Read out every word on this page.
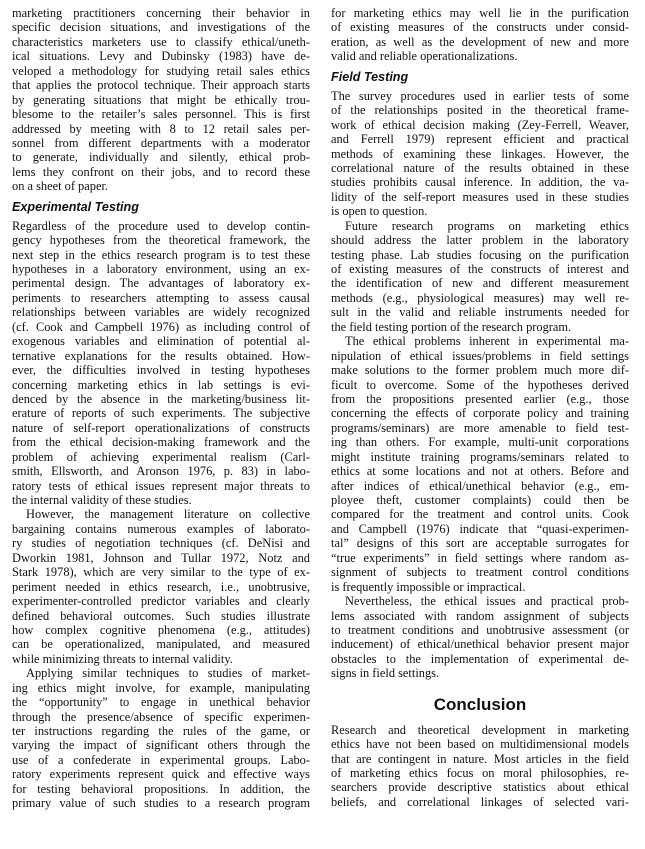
marketing practitioners concerning their behavior in
specific decision situations, and investigations of the
characteristics marketers use to classify ethical/uneth-
ical situations. Levy and Dubinsky (1983) have de-
veloped a methodology for studying retail sales ethics
that applies the protocol technique. Their approach starts
by generating situations that might be ethically trou-
blesome to the retailer’s sales personnel. This is first
addressed by meeting with 8 to 12 retail sales per-
sonnel from different departments with a moderator
to generate, individually and silently, ethical prob-
lems they confront on their jobs, and to record these
on a sheet of paper.
Experimental Testing
Regardless of the procedure used to develop contin-
gency hypotheses from the theoretical framework, the
next step in the ethics research program is to test these
hypotheses in a laboratory environment, using an ex-
perimental design. The advantages of laboratory ex-
periments to researchers attempting to assess causal
relationships between variables are widely recognized
(cf. Cook and Campbell 1976) as including control of
exogenous variables and elimination of potential al-
ternative explanations for the results obtained. How-
ever, the difficulties involved in testing hypotheses
concerning marketing ethics in lab settings is evi-
denced by the absence in the marketing/business lit-
erature of reports of such experiments. The subjective
nature of self-report operationalizations of constructs
from the ethical decision-making framework and the
problem of achieving experimental realism (Carl-
smith, Ellsworth, and Aronson 1976, p. 83) in labo-
ratory tests of ethical issues represent major threats to
the internal validity of these studies.
However, the management literature on collective
bargaining contains numerous examples of laborato-
ry studies of negotiation techniques (cf. DeNisi and
Dworkin 1981, Johnson and Tullar 1972, Notz and
Stark 1978), which are very similar to the type of ex-
periment needed in ethics research, i.e., unobtrusive,
experimenter-controlled predictor variables and clearly
defined behavioral outcomes. Such studies illustrate
how complex cognitive phenomena (e.g., attitudes)
can be operationalized, manipulated, and measured
while minimizing threats to internal validity.
Applying similar techniques to studies of market-
ing ethics might involve, for example, manipulating
the “opportunity” to engage in unethical behavior
through the presence/absence of specific experimen-
ter instructions regarding the rules of the game, or
varying the impact of significant others through the
use of a confederate in experimental groups. Labo-
ratory experiments represent quick and effective ways
for testing behavioral propositions. In addition, the
primary value of such studies to a research program
for marketing ethics may well lie in the purification
of existing measures of the constructs under consid-
eration, as well as the development of new and more
valid and reliable operationalizations.
Field Testing
The survey procedures used in earlier tests of some
of the relationships posited in the theoretical frame-
work of ethical decision making (Zey-Ferrell, Weaver,
and Ferrell 1979) represent efficient and practical
methods of examining these linkages. However, the
correlational nature of the results obtained in these
studies prohibits causal inference. In addition, the va-
lidity of the self-report measures used in these studies
is open to question.
Future research programs on marketing ethics
should address the latter problem in the laboratory
testing phase. Lab studies focusing on the purification
of existing measures of the constructs of interest and
the identification of new and different measurement
methods (e.g., physiological measures) may well re-
sult in the valid and reliable instruments needed for
the field testing portion of the research program.
The ethical problems inherent in experimental ma-
nipulation of ethical issues/problems in field settings
make solutions to the former problem much more dif-
ficult to overcome. Some of the hypotheses derived
from the propositions presented earlier (e.g., those
concerning the effects of corporate policy and training
programs/seminars) are more amenable to field test-
ing than others. For example, multi-unit corporations
might institute training programs/seminars related to
ethics at some locations and not at others. Before and
after indices of ethical/unethical behavior (e.g., em-
ployee theft, customer complaints) could then be
compared for the treatment and control units. Cook
and Campbell (1976) indicate that “quasi-experimen-
tal” designs of this sort are acceptable surrogates for
“true experiments” in field settings where random as-
signment of subjects to treatment control conditions
is frequently impossible or impractical.
Nevertheless, the ethical issues and practical prob-
lems associated with random assignment of subjects
to treatment conditions and unobtrusive assessment (or
inducement) of ethical/unethical behavior present major
obstacles to the implementation of experimental de-
signs in field settings.
Conclusion
Research and theoretical development in marketing
ethics have not been based on multidimensional models
that are contingent in nature. Most articles in the field
of marketing ethics focus on moral philosophies, re-
searchers provide descriptive statistics about ethical
beliefs, and correlational linkages of selected vari-
